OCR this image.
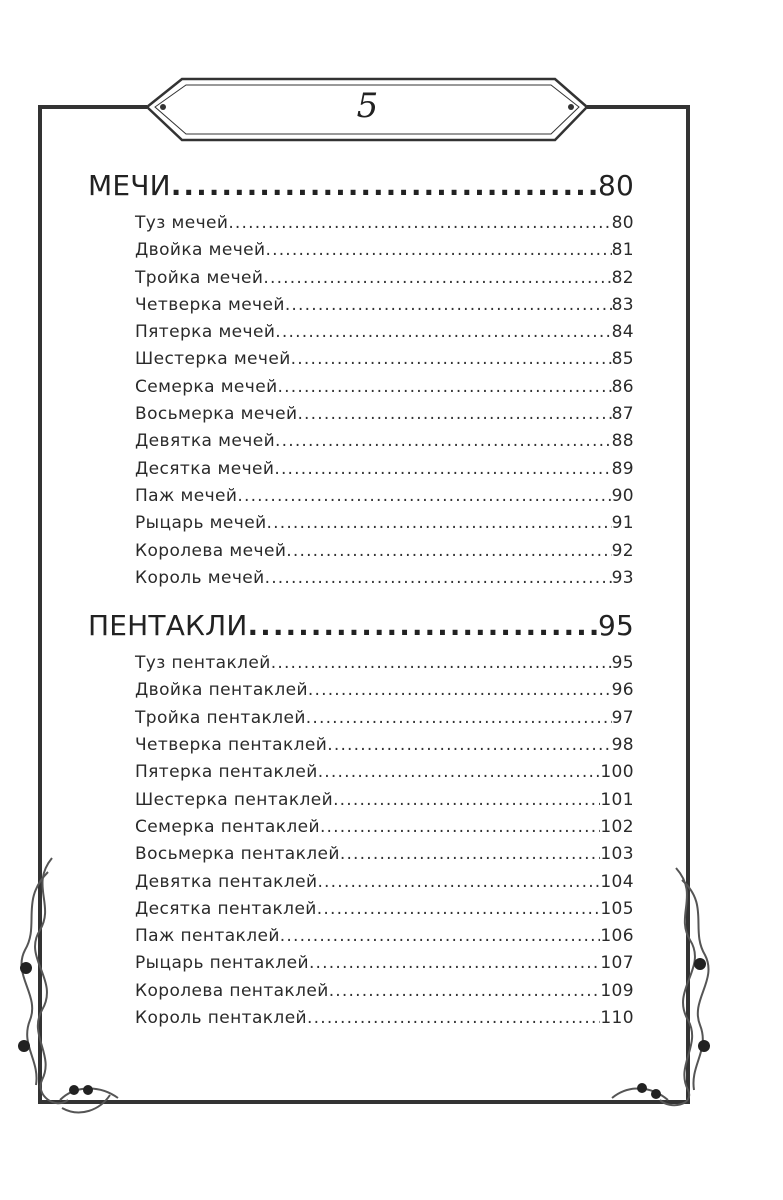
5
МЕЧИ .....	80
Туз мечей .....	80
Двойка мечей .....	81
Тройка мечей .....	82
Четверка мечей .....	83
Пятерка мечей .....	84
Шестерка мечей .....	85
Семерка мечей .....	86
Восьмерка мечей .....	87
Девятка мечей .....	88
Десятка мечей .....	89
Паж мечей .....	90
Рыцарь мечей .....	91
Королева мечей .....	92
Король мечей .....	93
ПЕНТАКЛИ .....	95
Туз пентаклей .....	95
Двойка пентаклей .....	96
Тройка пентаклей .....	97
Четверка пентаклей .....	98
Пятерка пентаклей .....	100
Шестерка пентаклей .....	101
Семерка пентаклей .....	102
Восьмерка пентаклей .....	103
Девятка пентаклей .....	104
Десятка пентаклей .....	105
Паж пентаклей .....	106
Рыцарь пентаклей .....	107
Королева пентаклей .....	109
Король пентаклей .....	110
